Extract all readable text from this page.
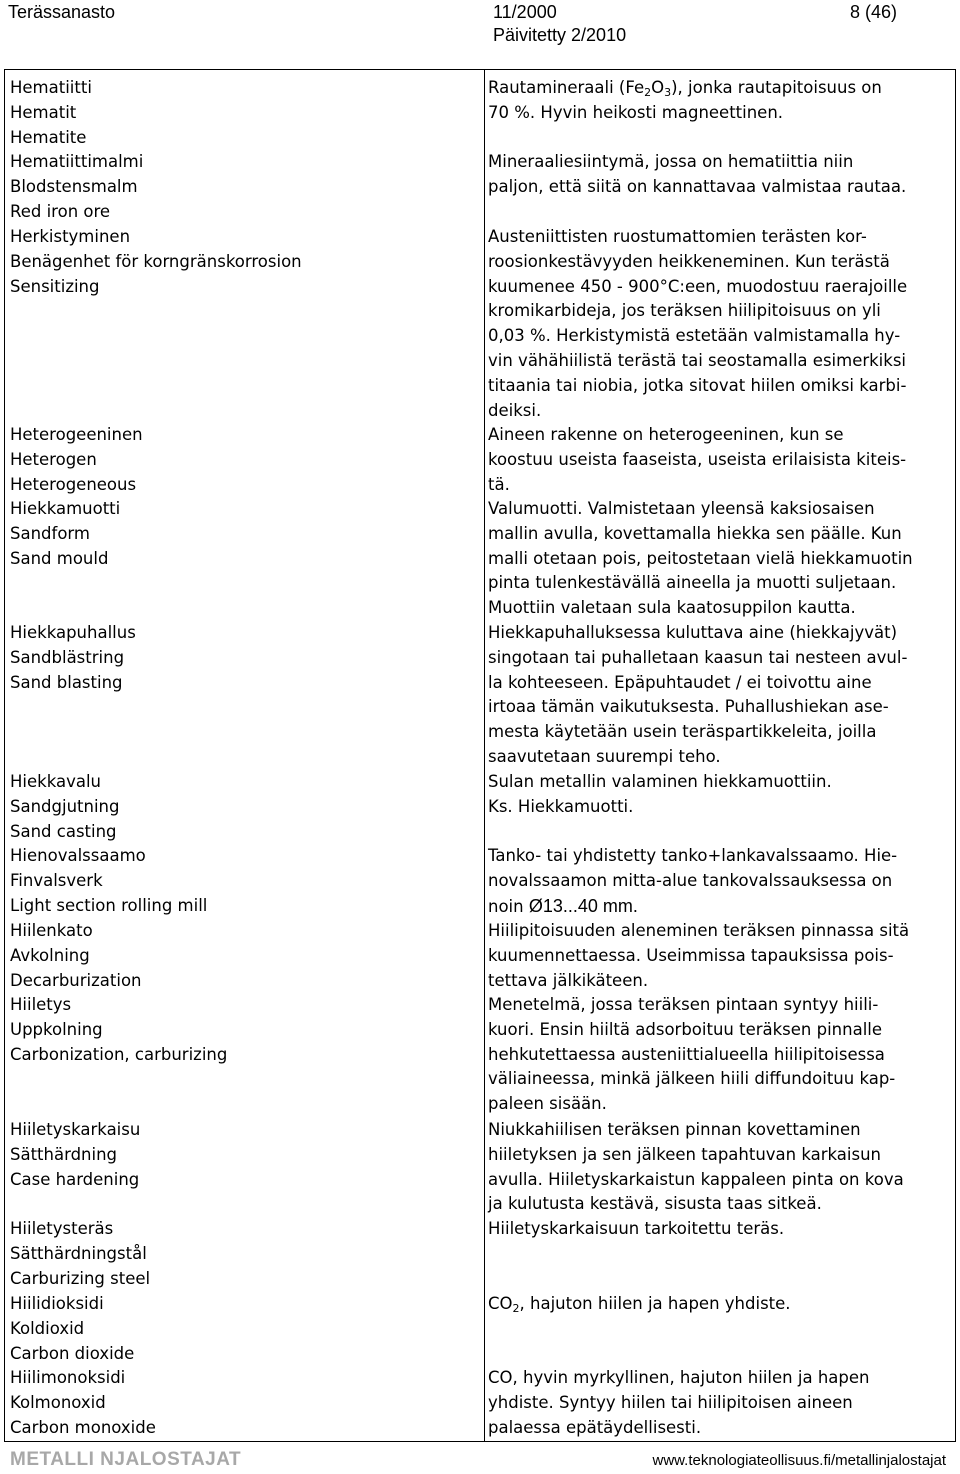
Terässanasto	11/2000
Päivitetty 2/2010
8 (46)
Hematiitti
Hematit
Hematite

Rautamineraali $(Fe_2O_3)$, jonka rautapitoisuus on

70 %. Hyvin heikosti magneettinen.

Hematiittimalmi
Blodstensmalm
Red iron ore

Mineraaliesiintymä, jossa on hematiittia niin

paljon, että siitä on kannattavaa valmistaa rautaa.

Herkistyminen
Benägenhet för korngränskorrosion
Sensitizing

Austeniittisten ruostumattomien terästen kor-

roosionkestävyyden heikkeneminen. Kun terästä

kuumenee 450 - 900°C:een, muodostuu raerajoille

kromikarbideja, jos teräksen hiilipitoisuus on yli

0,03 %. Herkistymistä estetään valmistamalla hy-

vin vähähiilistä terästä tai seostamalla esimerkiksi

titaania tai niobia, jotka sitovat hiilen omiksi karbi-

deiksi.

Heterogeeninen
Heterogen
Heterogeneous

Aineen rakenne on heterogeeninen, kun se

koostuu useista faaseista, useista erilaisista kiteis-

tä.

Hiekkamuotti
Sandform
Sand mould

Valumuotti. Valmistetaan yleensä kaksiosaisen

mallin avulla, kovettamalla hiekka sen päälle. Kun

malli otetaan pois, peitostetaan vielä hiekkamuotin

pinta tulenkestävällä aineella ja muotti suljetaan.

Muottiin valetaan sula kaatosuppilon kautta.

Hiekkapuhallus
Sandblästring
Sand blasting

Hiekkapuhalluksessa kuluttava aine (hiekkajyvät)

singotaan tai puhalletaan kaasun tai nesteen avul-

la kohteeseen. Epäpuhtaudet / ei toivottu aine

irtoaa tämän vaikutuksesta. Puhallushiekan ase-

mesta käytetään usein teräspartikkeleita, joilla

saavutetaan suurempi teho.

Hiekkavalu
Sandgjutning
Sand casting

Sulan metallin valaminen hiekkamuottiin.

Ks. Hiekkamuotti.

Hienovalssaamo
Finvalsverk
Light section rolling mill

Tanko- tai yhdistetty tanko+lankavalssaamo. Hie-

novalssaamon mitta-alue tankovalssauksessa on

noin Ø13...40 mm.

Hiilenkato
Avkolning
Decarburization

Hiilipitoisuuden aleneminen teräksen pinnassa sitä

kuumennettaessa. Useimmissa tapauksissa pois-

tettava jälkikäteen.

Hiiletys
Uppkolning
Carbonization, carburizing

Menetelmä, jossa teräksen pintaan syntyy hiili-

kuori. Ensin hiiltä adsorboituu teräksen pinnalle

hehkutettaessa austeniittialueella hiilipitoisessa

väliaineessa, minkä jälkeen hiili diffundoituu kap-

paleen sisään.

Hiiletyskarkaisu
Sätthärdning
Case hardening

Niukkahiilisen teräksen pinnan kovettaminen

hiiletyksen ja sen jälkeen tapahtuvan karkaisun

avulla. Hiiletyskarkaistun kappaleen pinta on kova

ja kulutusta kestävä, sisusta taas sitkeä.

Hiiletysteräs
Sätthärdningstål
Carburizing steel

Hiiletyskarkaisuun tarkoitettu teräs.

Hiilidioksidi
Koldioxid
Carbon dioxide

$CO_2$, hajuton hiilen ja hapen yhdiste.

Hiilimonoksidi
Kolmonoxid
Carbon monoxide

CO, hyvin myrkyllinen, hajuton hiilen ja hapen

yhdiste. Syntyy hiilen tai hiilipitoisen aineen

palaessa epätäydellisesti.

METALLI NJALOSTAJAT	www.teknologiateollisuus.fi/metallinjalostajat
